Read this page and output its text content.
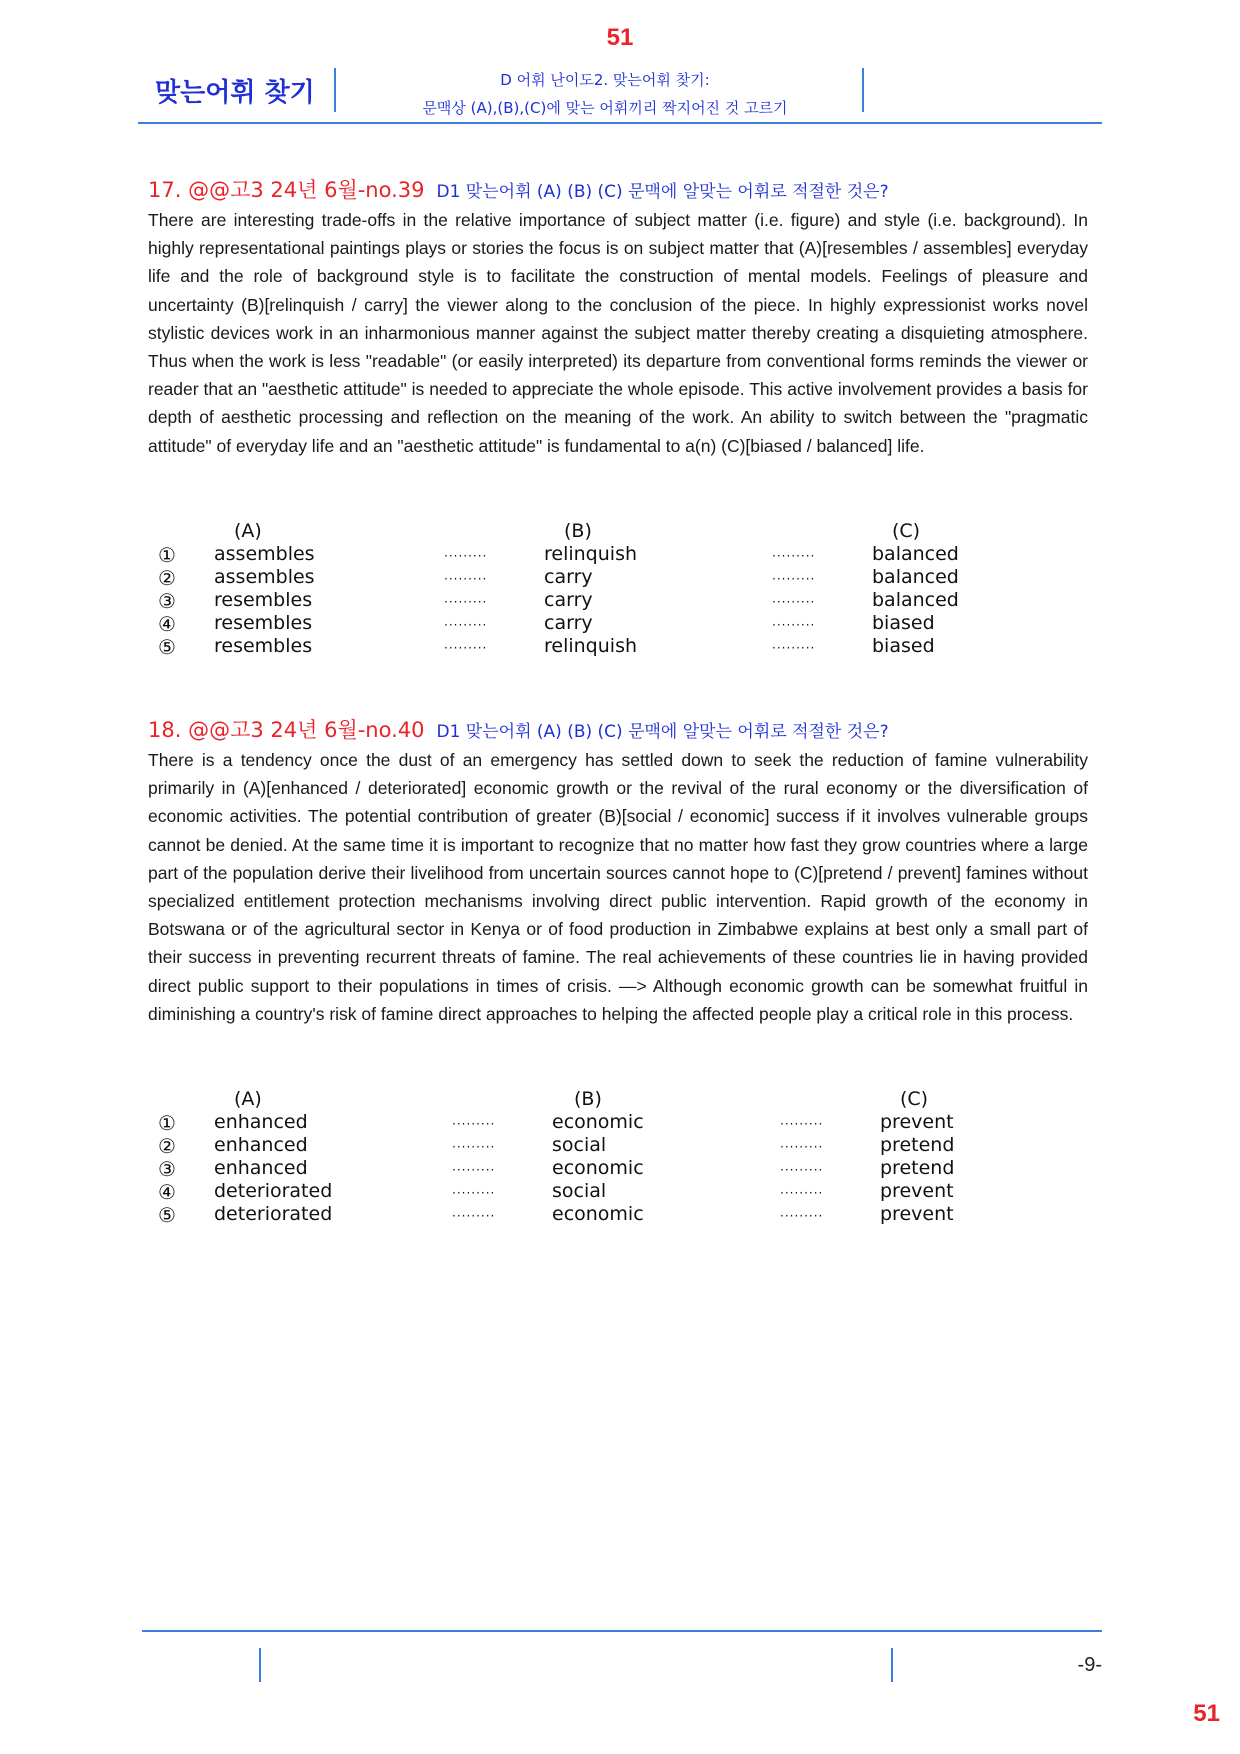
51
맞는어휘 찾기	D 어휘 난이도2. 맞는어휘 찾기:
문맥상 (A),(B),(C)에 맞는 어휘끼리 짝지어진 것 고르기
17. @@고3 24년 6월-no.39 D1 맞는어휘 (A) (B) (C) 문맥에 알맞는 어휘로 적절한 것은?
There are interesting trade-offs in the relative importance of subject matter (i.e. figure) and style (i.e. background). In highly representational paintings plays or stories the focus is on subject matter that (A)[resembles / assembles] everyday life and the role of background style is to facilitate the construction of mental models. Feelings of pleasure and uncertainty (B)[relinquish / carry] the viewer along to the conclusion of the piece. In highly expressionist works novel stylistic devices work in an inharmonious manner against the subject matter thereby creating a disquieting atmosphere. Thus when the work is less "readable" (or easily interpreted) its departure from conventional forms reminds the viewer or reader that an "aesthetic attitude" is needed to appreciate the whole episode. This active involvement provides a basis for depth of aesthetic processing and reflection on the meaning of the work. An ability to switch between the "pragmatic attitude" of everyday life and an "aesthetic attitude" is fundamental to a(n) (C)[biased / balanced] life.
(A)	(B)	(C)
① assembles	·········	relinquish	·········	balanced
② assembles	·········	carry	·········	balanced
③ resembles	·········	carry	·········	balanced
④ resembles	·········	carry	·········	biased
⑤ resembles	·········	relinquish	·········	biased
18. @@고3 24년 6월-no.40 D1 맞는어휘 (A) (B) (C) 문맥에 알맞는 어휘로 적절한 것은?
There is a tendency once the dust of an emergency has settled down to seek the reduction of famine vulnerability primarily in (A)[enhanced / deteriorated] economic growth or the revival of the rural economy or the diversification of economic activities. The potential contribution of greater (B)[social / economic] success if it involves vulnerable groups cannot be denied. At the same time it is important to recognize that no matter how fast they grow countries where a large part of the population derive their livelihood from uncertain sources cannot hope to (C)[pretend / prevent] famines without specialized entitlement protection mechanisms involving direct public intervention. Rapid growth of the economy in Botswana or of the agricultural sector in Kenya or of food production in Zimbabwe explains at best only a small part of their success in preventing recurrent threats of famine. The real achievements of these countries lie in having provided direct public support to their populations in times of crisis. —> Although economic growth can be somewhat fruitful in diminishing a country's risk of famine direct approaches to helping the affected people play a critical role in this process.
(A)	(B)	(C)
① enhanced	·········	economic	·········	prevent
② enhanced	·········	social	·········	pretend
③ enhanced	·········	economic	·········	pretend
④ deteriorated	·········	social	·········	prevent
⑤ deteriorated	·········	economic	·········	prevent
-9-
51
